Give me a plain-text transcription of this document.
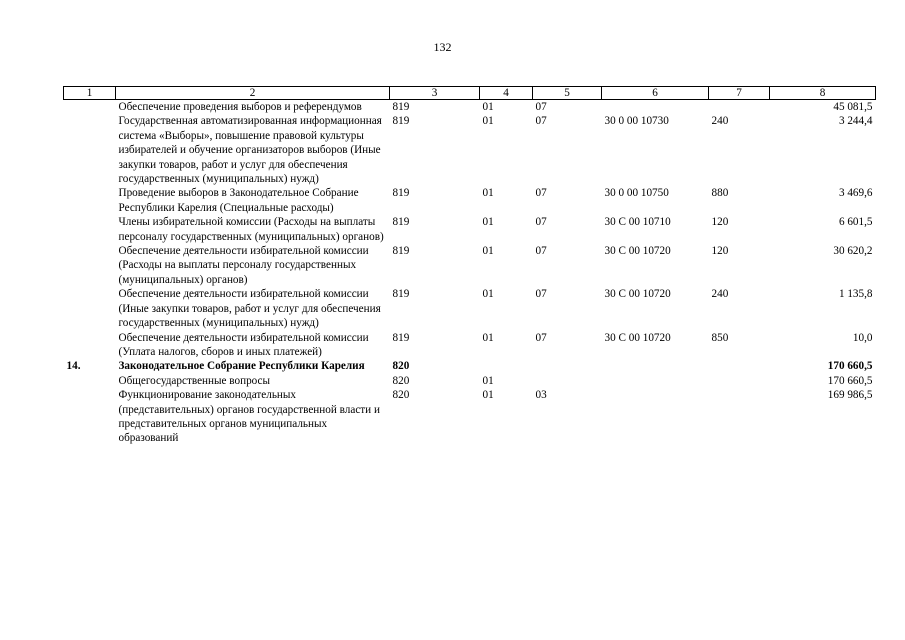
132
1	2	3	4	5	6	7	8
	Обеспечение проведения выборов и референдумов	819	01	07			45 081,5
	Государственная автоматизированная информационная система «Выборы», повышение правовой культуры избирателей и обучение организаторов выборов (Иные закупки товаров, работ и услуг для обеспечения государственных (муниципальных) нужд)	819	01	07	30 0 00 10730	240	3 244,4
	Проведение выборов в Законодательное Собрание Республики Карелия (Специальные расходы)	819	01	07	30 0 00 10750	880	3 469,6
	Члены избирательной комиссии (Расходы на выплаты персоналу государственных (муниципальных) органов)	819	01	07	30 С 00 10710	120	6 601,5
	Обеспечение деятельности избирательной комиссии (Расходы на выплаты персоналу государственных (муниципальных) органов)	819	01	07	30 С 00 10720	120	30 620,2
	Обеспечение деятельности избирательной комиссии (Иные закупки товаров, работ и услуг для обеспечения государственных (муниципальных) нужд)	819	01	07	30 С 00 10720	240	1 135,8
	Обеспечение деятельности избирательной комиссии (Уплата налогов, сборов и иных платежей)	819	01	07	30 С 00 10720	850	10,0
14.	Законодательное Собрание Республики Карелия	820					170 660,5
	Общегосударственные вопросы	820	01				170 660,5
	Функционирование законодательных (представительных) органов государственной власти и представительных органов муниципальных образований	820	01	03			169 986,5
